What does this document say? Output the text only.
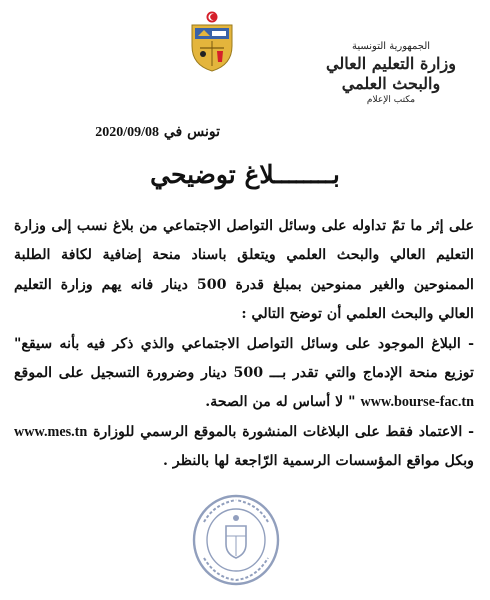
الجمهورية التونسية
وزارة التعليم العالي
والبحث العلمي
مكتب الإعلام
تونس في 2020/09/08
بــــــــلاغ توضيحي

على إثر ما تمّ تداوله على وسائل التواصل الاجتماعي من بلاغ نسب إلى وزارة التعليم العالي والبحث العلمي ويتعلق باسناد منحة إضافية لكافة الطلبة الممنوحين والغير ممنوحين بمبلغ قدرة 500 دينار فانه يهم وزارة التعليم العالي والبحث العلمي أن توضح التالي :

- البلاغ الموجود على وسائل التواصل الاجتماعي والذي ذكر فيه بأنه سيقع" توزيع منحة الإدماج والتي تقدر بـــ 500 دينار وضرورة التسجيل على الموقع www.bourse-fac.tn " لا أساس له من الصحة.

- الاعتماد فقط على البلاغات المنشورة بالموقع الرسمي للوزارة www.mes.tn وبكل مواقع المؤسسات الرسمية الرّاجعة لها بالنظر .
